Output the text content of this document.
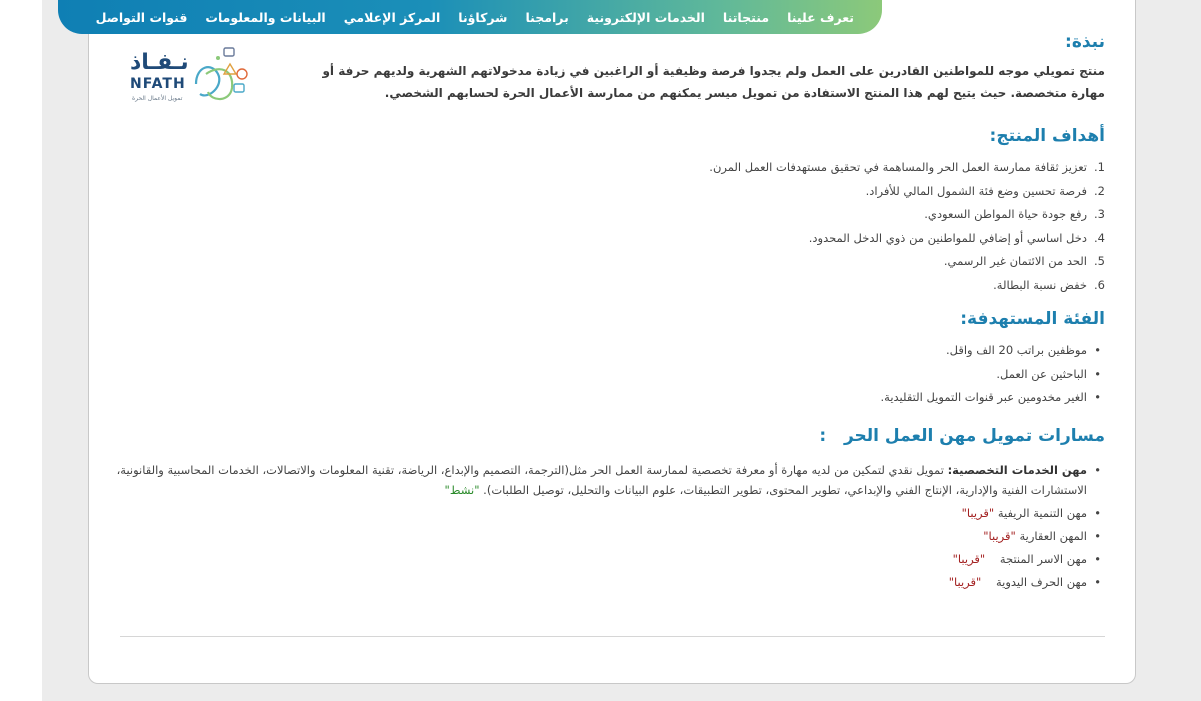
تعرف علينا
منتجاتنا
الخدمات الإلكترونية
برامجنا
شركاؤنا
المركز الإعلامي
البيانات والمعلومات
قنوات التواصل
نـفـاذ
NFATH
تمويل الأعمال الحرة
نبذة:

منتج تمويلي موجه للمواطنين القادرين على العمل ولم يجدوا فرصة وظيفية أو الراغبين في زيادة مدخولاتهم الشهرية ولديهم حرفة أو مهارة متخصصة. حيث يتيح لهم هذا المنتج الاستفادة من تمويل ميسر يمكنهم من ممارسة الأعمال الحرة لحسابهم الشخصي.

أهداف المنتج:
1.
تعزيز ثقافة ممارسة العمل الحر والمساهمة في تحقيق مستهدفات العمل المرن.
2.
فرصة تحسين وضع فئة الشمول المالي للأفراد.
3.
رفع جودة حياة المواطن السعودي.
4.
دخل اساسي أو إضافي للمواطنين من ذوي الدخل المحدود.
5.
الحد من الائتمان غير الرسمي.
6.
خفض نسبة البطالة.
الفئة المستهدفة:
• موظفين براتب 20 الف واقل.
• الباحثين عن العمل.
• الغير مخدومين عبر قنوات التمويل التقليدية.
مسارات تمويل مهن العمل الحر   :
• مهن الخدمات التخصصية: تمويل نقدي لتمكين من لديه مهارة أو معرفة تخصصية لممارسة العمل الحر مثل(الترجمة، التصميم والإبداع، الرياضة، تقنية المعلومات والاتصالات، الخدمات المحاسبية والقانونية، الاستشارات الفنية والإدارية، الإنتاج الفني والإبداعي، تطوير المحتوى، تطوير التطبيقات، علوم البيانات والتحليل، توصيل الطلبات). "نشط"
• مهن التنمية الريفية "قريبا"
• المهن العقارية "قريبا"
• مهن الاسر المنتجة    "قريبا"
• مهن الحرف اليدوية    "قريبا"
